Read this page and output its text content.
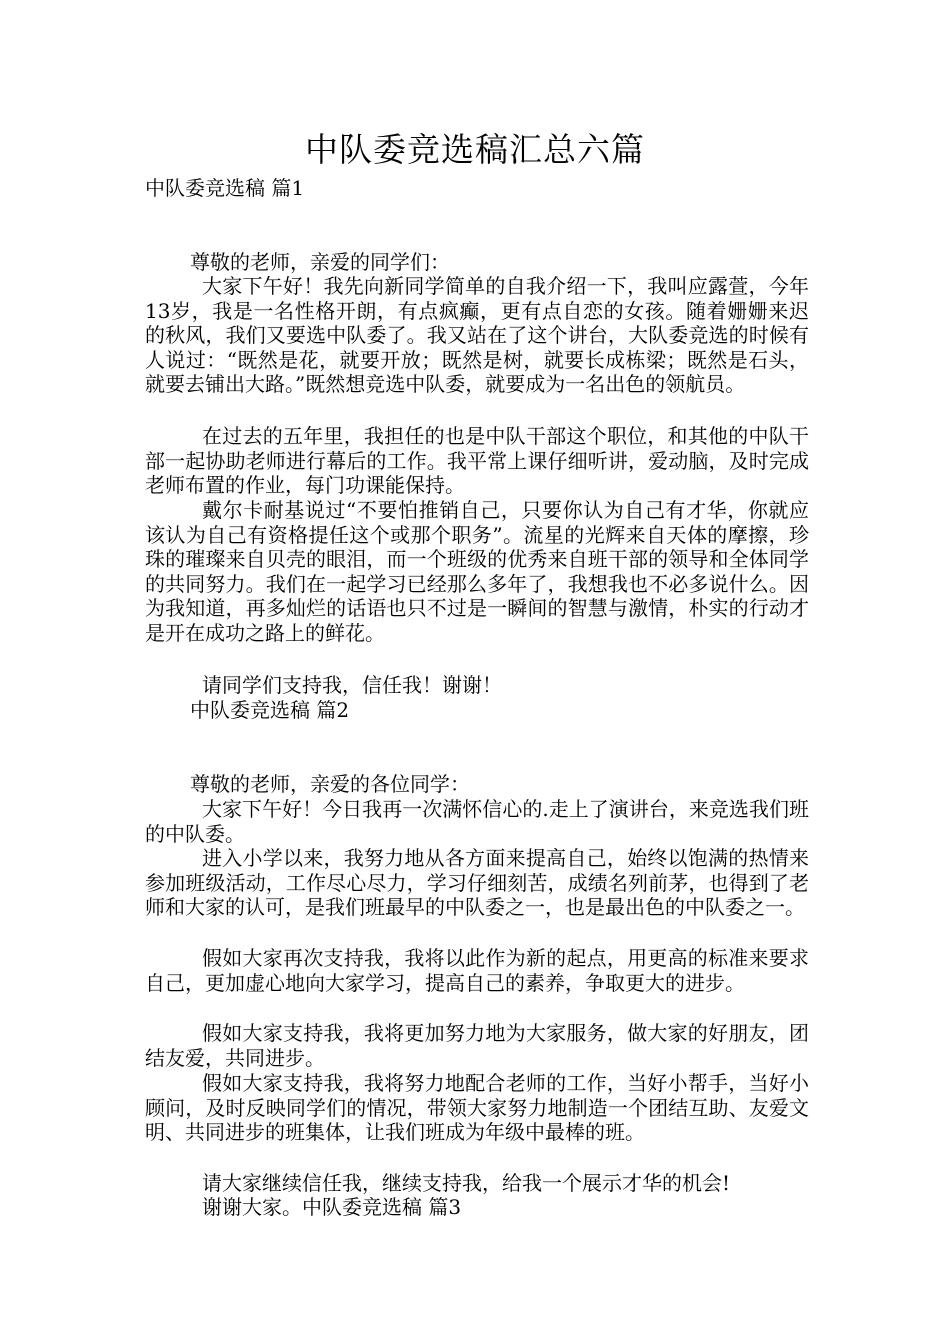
中队委竞选稿汇总六篇
中队委竞选稿 篇1
尊敬的老师，亲爱的同学们：

大家下午好！我先向新同学简单的自我介绍一下，我叫应露萱，今年13岁，我是一名性格开朗，有点疯癫，更有点自恋的女孩。随着姗姗来迟的秋风，我们又要选中队委了。我又站在了这个讲台，大队委竞选的时候有人说过：“既然是花，就要开放；既然是树，就要长成栋梁；既然是石头，就要去铺出大路。”既然想竞选中队委，就要成为一名出色的领航员。

在过去的五年里，我担任的也是中队干部这个职位，和其他的中队干部一起协助老师进行幕后的工作。我平常上课仔细听讲，爱动脑，及时完成老师布置的作业，每门功课能保持。

戴尔卡耐基说过“不要怕推销自己，只要你认为自己有才华，你就应该认为自己有资格提任这个或那个职务”。流星的光辉来自天体的摩擦，珍珠的璀璨来自贝壳的眼泪，而一个班级的优秀来自班干部的领导和全体同学的共同努力。我们在一起学习已经那么多年了，我想我也不必多说什么。因为我知道，再多灿烂的话语也只不过是一瞬间的智慧与激情，朴实的行动才是开在成功之路上的鲜花。

请同学们支持我，信任我！谢谢！

中队委竞选稿 篇2
尊敬的老师，亲爱的各位同学：

大家下午好！今日我再一次满怀信心的.走上了演讲台，来竞选我们班的中队委。

进入小学以来，我努力地从各方面来提高自己，始终以饱满的热情来参加班级活动，工作尽心尽力，学习仔细刻苦，成绩名列前茅，也得到了老师和大家的认可，是我们班最早的中队委之一，也是最出色的中队委之一。

假如大家再次支持我，我将以此作为新的起点，用更高的标准来要求自己，更加虚心地向大家学习，提高自己的素养，争取更大的进步。

假如大家支持我，我将更加努力地为大家服务，做大家的好朋友，团结友爱，共同进步。

假如大家支持我，我将努力地配合老师的工作，当好小帮手，当好小顾问，及时反映同学们的情况，带领大家努力地制造一个团结互助、友爱文明、共同进步的班集体，让我们班成为年级中最棒的班。

请大家继续信任我，继续支持我，给我一个展示才华的机会!

谢谢大家。中队委竞选稿 篇3
